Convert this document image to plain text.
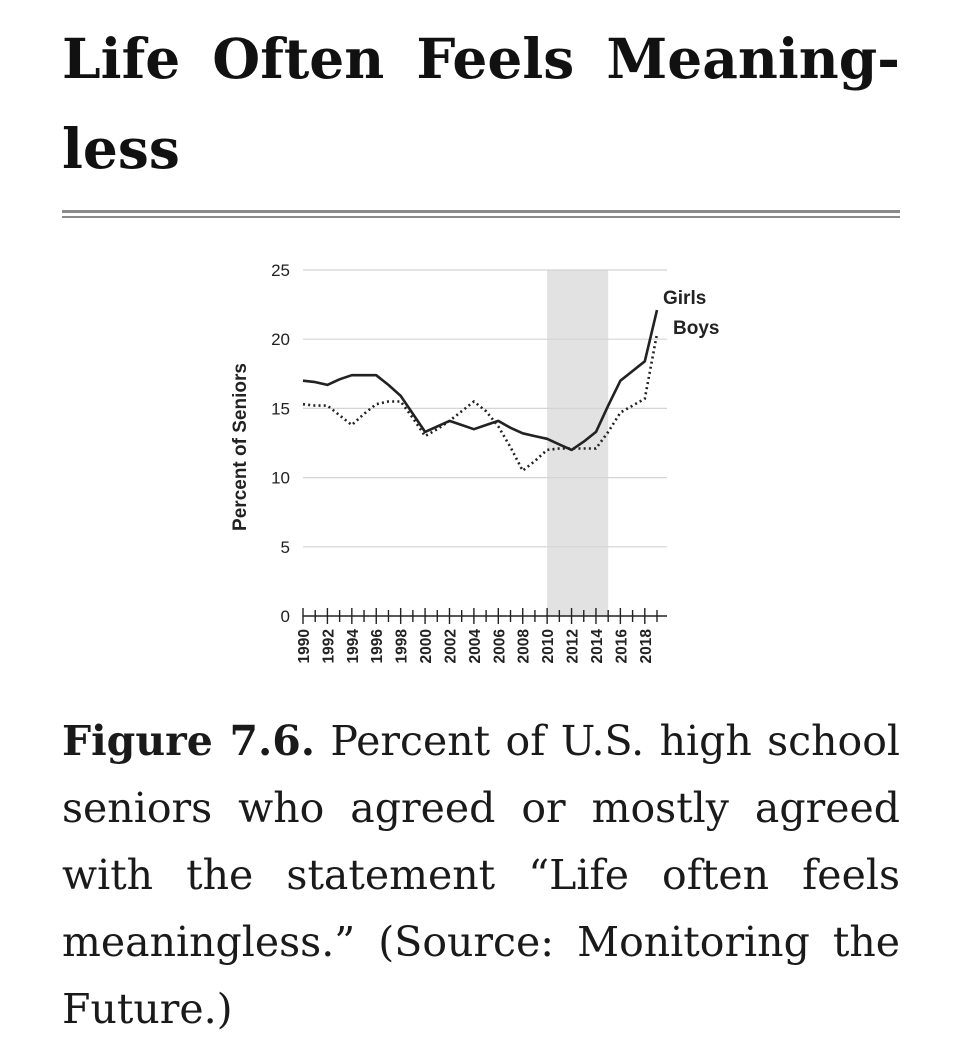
Life Often Feels Meaning-
less
0
5
10
15
20
25
1990 1992 1994 1996 1998 2000 2002 2004 2006 2008 2010 2012 2014 2016 2018
Girls
Boys
Percent of Seniors
Figure 7.6. Percent of U.S. high school seniors who agreed or mostly agreed with the statement “Life often feels meaningless.” (Source: Monitoring the Future.)
